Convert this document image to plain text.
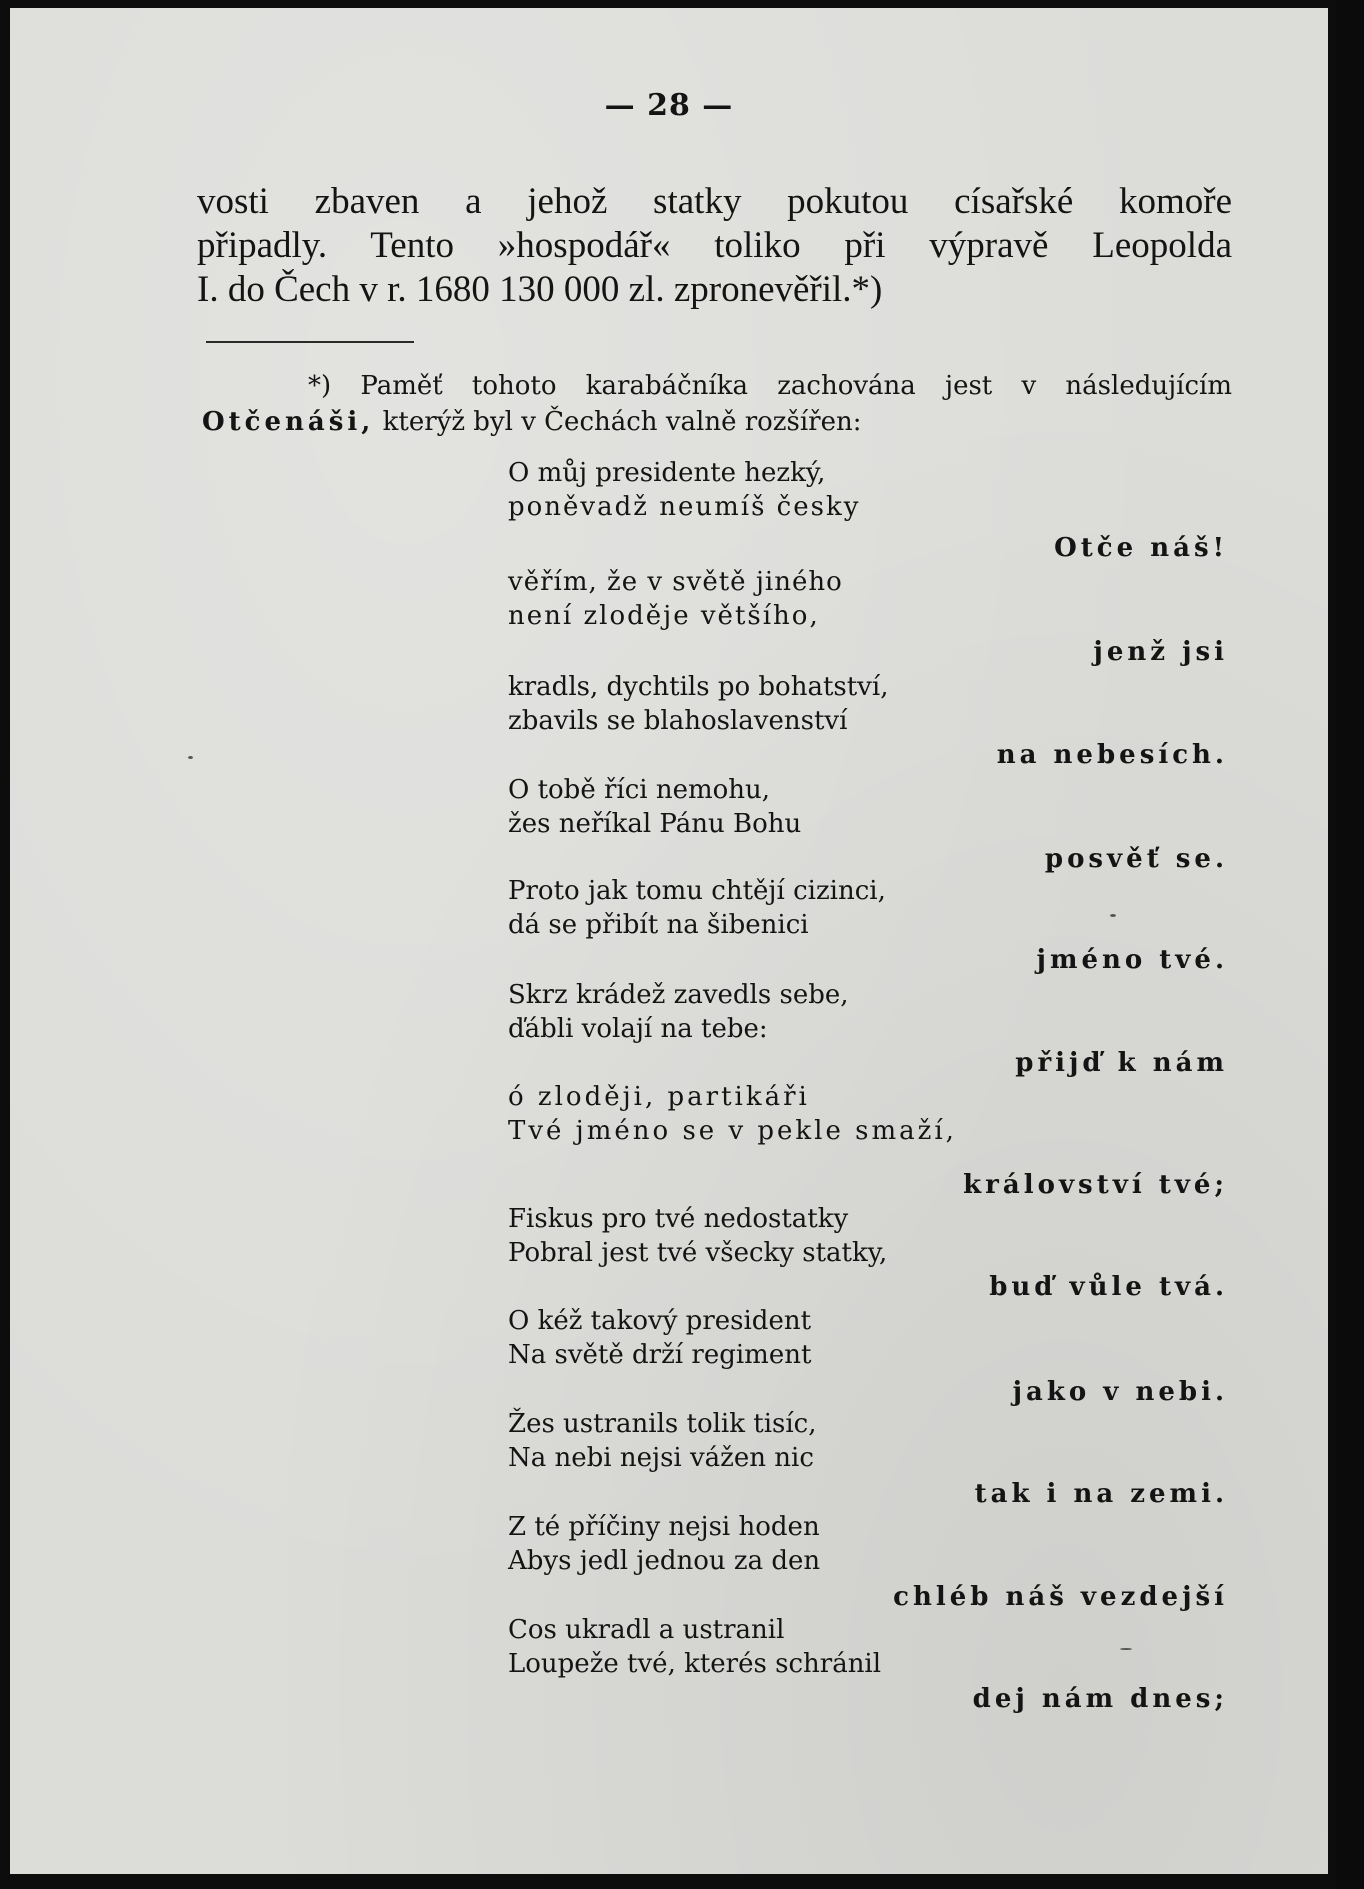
— 28 —
vosti zbaven a jehož statky pokutou císařské komoře
připadly. Tento »hospodář« toliko při výpravě Leopolda
I. do Čech v r. 1680 130 000 zl. zpronevěřil.*)
*) Paměť tohoto karabáčníka zachována jest v následujícím
Otčenáši, kterýž byl v Čechách valně rozšířen:
O můj presidente hezký,
poněvadž neumíš česky
Otče náš!
věřím, že v světě jiného
není zloděje většího,
jenž jsi
kradls, dychtils po bohatství,
zbavils se blahoslavenství
na nebesích.
O tobě říci nemohu,
žes neříkal Pánu Bohu
posvěť se.
Proto jak tomu chtějí cizinci,
dá se přibít na šibenici
jméno tvé.
Skrz krádež zavedls sebe,
ďábli volají na tebe:
přijď k nám
ó zloději, partikáři
Tvé jméno se v pekle smaží,
království tvé;
Fiskus pro tvé nedostatky
Pobral jest tvé všecky statky,
buď vůle tvá.
O kéž takový president
Na světě drží regiment
jako v nebi.
Žes ustranils tolik tisíc,
Na nebi nejsi vážen nic
tak i na zemi.
Z té příčiny nejsi hoden
Abys jedl jednou za den
chléb náš vezdejší
Cos ukradl a ustranil
Loupeže tvé, kterés schránil
dej nám dnes;
